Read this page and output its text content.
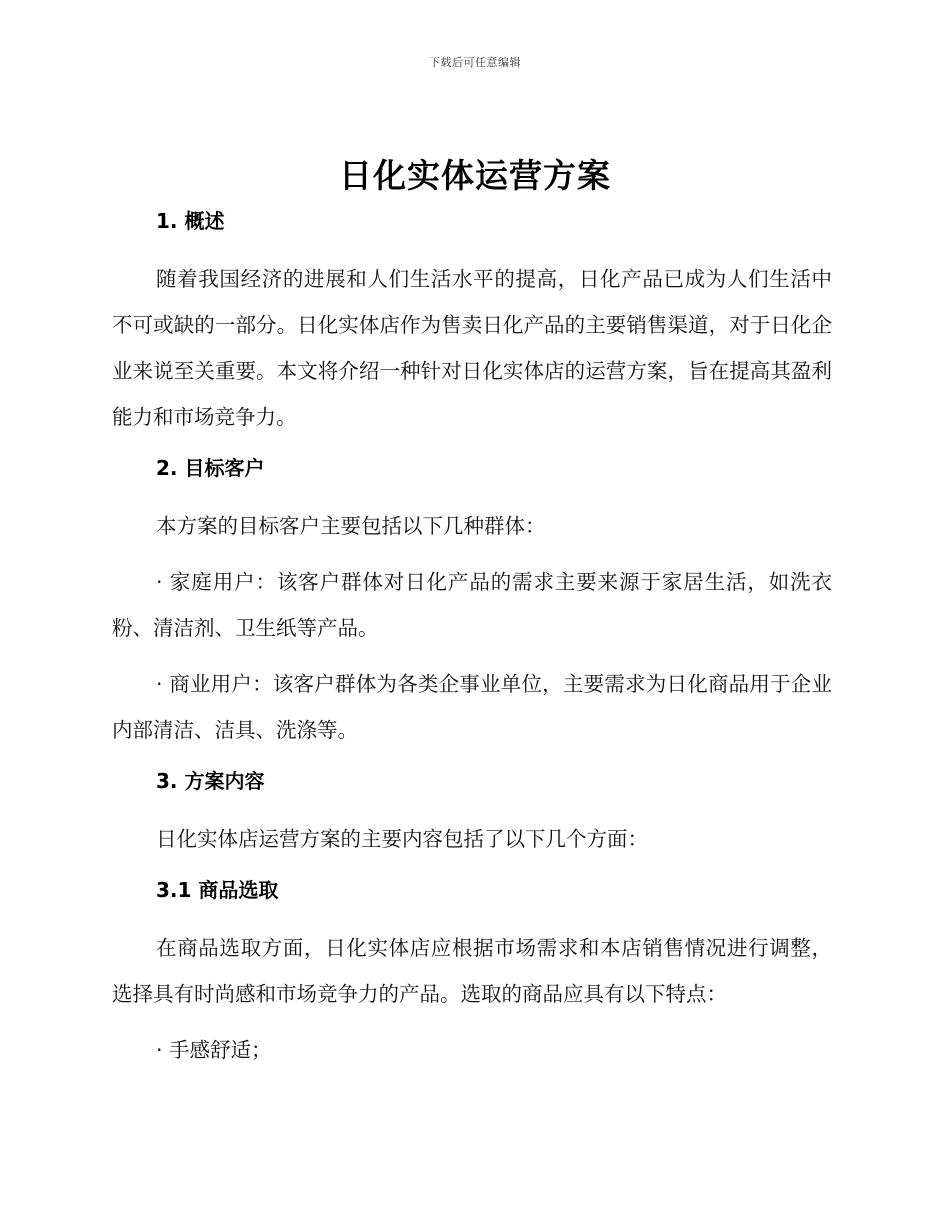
下载后可任意编辑
日化实体运营方案
1. 概述

随着我国经济的进展和人们生活水平的提高，日化产品已成为人们生活中不可或缺的一部分。日化实体店作为售卖日化产品的主要销售渠道，对于日化企业来说至关重要。本文将介绍一种针对日化实体店的运营方案，旨在提高其盈利能力和市场竞争力。

2. 目标客户

本方案的目标客户主要包括以下几种群体：

· 家庭用户：该客户群体对日化产品的需求主要来源于家居生活，如洗衣粉、清洁剂、卫生纸等产品。

· 商业用户：该客户群体为各类企事业单位，主要需求为日化商品用于企业内部清洁、洁具、洗涤等。

3. 方案内容

日化实体店运营方案的主要内容包括了以下几个方面：

3.1 商品选取

在商品选取方面，日化实体店应根据市场需求和本店销售情况进行调整，选择具有时尚感和市场竞争力的产品。选取的商品应具有以下特点：

· 手感舒适；
